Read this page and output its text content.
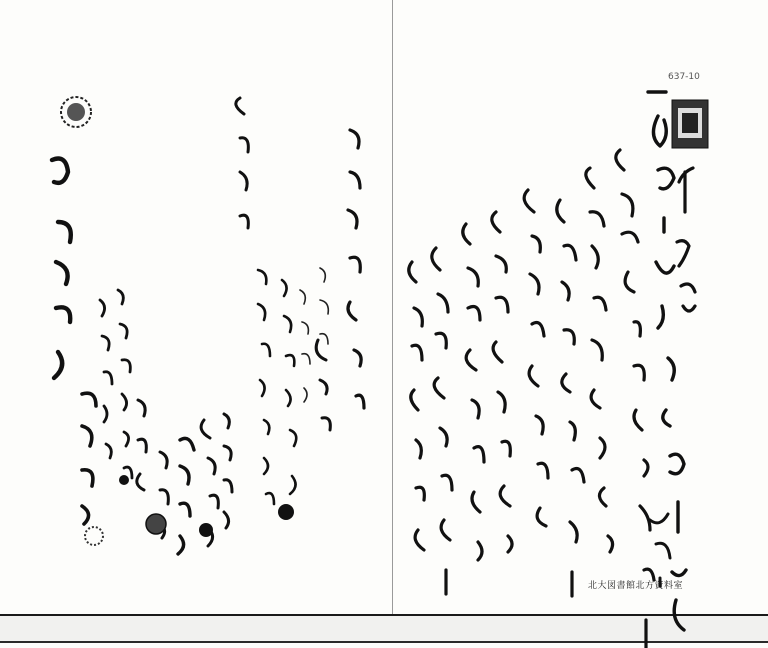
637-10
北大図書館北方資料室
